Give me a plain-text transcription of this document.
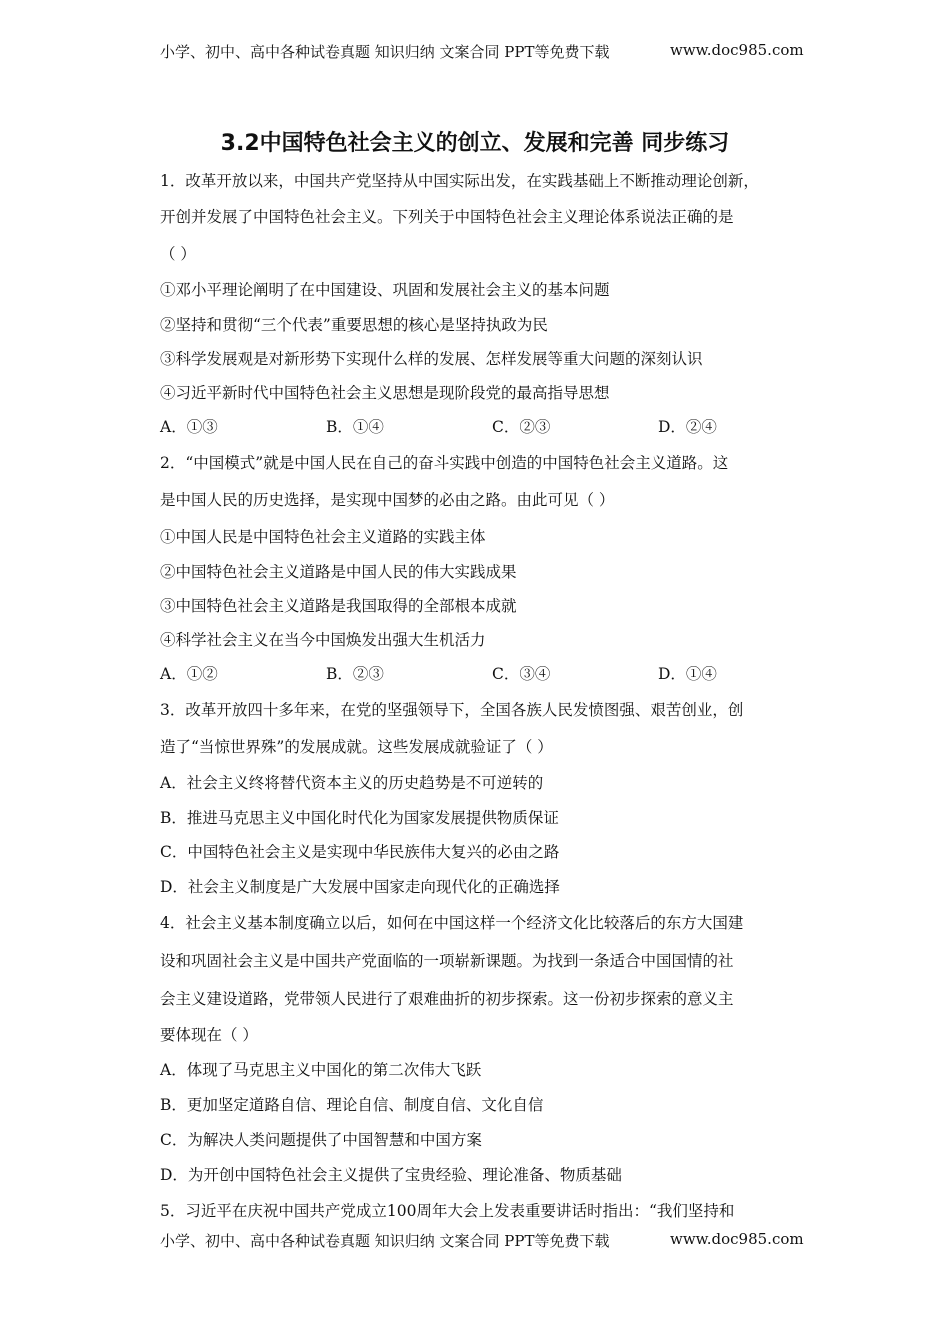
小学、初中、高中各种试卷真题 知识归纳 文案合同 PPT等免费下载	www.doc985.com
3.2中国特色社会主义的创立、发展和完善 同步练习
1．改革开放以来，中国共产党坚持从中国实际出发，在实践基础上不断推动理论创新，
开创并发展了中国特色社会主义。下列关于中国特色社会主义理论体系说法正确的是
（ ）
①邓小平理论阐明了在中国建设、巩固和发展社会主义的基本问题
②坚持和贯彻“三个代表”重要思想的核心是坚持执政为民
③科学发展观是对新形势下实现什么样的发展、怎样发展等重大问题的深刻认识
④习近平新时代中国特色社会主义思想是现阶段党的最高指导思想
A．①③	B．①④	C．②③	D．②④
2．“中国模式”就是中国人民在自己的奋斗实践中创造的中国特色社会主义道路。这
是中国人民的历史选择，是实现中国梦的必由之路。由此可见（ ）
①中国人民是中国特色社会主义道路的实践主体
②中国特色社会主义道路是中国人民的伟大实践成果
③中国特色社会主义道路是我国取得的全部根本成就
④科学社会主义在当今中国焕发出强大生机活力
A．①②	B．②③	C．③④	D．①④
3．改革开放四十多年来，在党的坚强领导下，全国各族人民发愤图强、艰苦创业，创
造了“当惊世界殊”的发展成就。这些发展成就验证了（ ）
A．社会主义终将替代资本主义的历史趋势是不可逆转的
B．推进马克思主义中国化时代化为国家发展提供物质保证
C．中国特色社会主义是实现中华民族伟大复兴的必由之路
D．社会主义制度是广大发展中国家走向现代化的正确选择
4．社会主义基本制度确立以后，如何在中国这样一个经济文化比较落后的东方大国建
设和巩固社会主义是中国共产党面临的一项崭新课题。为找到一条适合中国国情的社
会主义建设道路，党带领人民进行了艰难曲折的初步探索。这一份初步探索的意义主
要体现在（ ）
A．体现了马克思主义中国化的第二次伟大飞跃
B．更加坚定道路自信、理论自信、制度自信、文化自信
C．为解决人类问题提供了中国智慧和中国方案
D．为开创中国特色社会主义提供了宝贵经验、理论准备、物质基础
5．习近平在庆祝中国共产党成立100周年大会上发表重要讲话时指出：“我们坚持和
小学、初中、高中各种试卷真题 知识归纳 文案合同 PPT等免费下载	www.doc985.com
